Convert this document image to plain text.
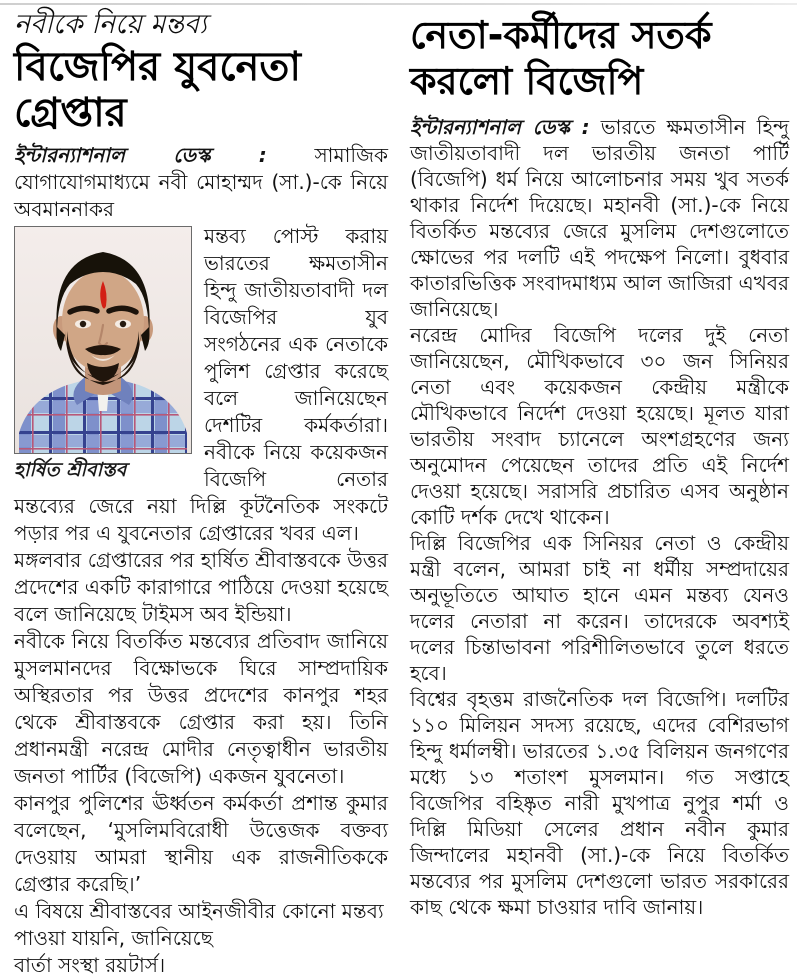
নবীকে নিয়ে মন্তব্য
বিজেপির যুবনেতা গ্রেপ্তার

ইন্টারন্যাশনাল ডেস্ক : সামাজিক যোগাযোগমাধ্যমে নবী মোহাম্মদ (সা.)-কে নিয়ে অবমাননাকর

হার্ষিত শ্রীবাস্তব

মন্তব্য পোস্ট করায় ভারতের ক্ষমতাসীন হিন্দু জাতীয়তাবাদী দল বিজেপির যুব সংগঠনের এক নেতাকে পুলিশ গ্রেপ্তার করেছে বলে জানিয়েছেন দেশটির কর্মকর্তারা। নবীকে নিয়ে কয়েকজন বিজেপি নেতার মন্তব্যের জেরে নয়া দিল্লি কূটনৈতিক সংকটে পড়ার পর এ যুবনেতার গ্রেপ্তারের খবর এল।

মঙ্গলবার গ্রেপ্তারের পর হার্ষিত শ্রীবাস্তবকে উত্তর প্রদেশের একটি কারাগারে পাঠিয়ে দেওয়া হয়েছে বলে জানিয়েছে টাইমস অব ইন্ডিয়া।

নবীকে নিয়ে বিতর্কিত মন্তব্যের প্রতিবাদ জানিয়ে মুসলমানদের বিক্ষোভকে ঘিরে সাম্প্রদায়িক অস্থিরতার পর উত্তর প্রদেশের কানপুর শহর থেকে শ্রীবাস্তবকে গ্রেপ্তার করা হয়। তিনি প্রধানমন্ত্রী নরেন্দ্র মোদীর নেতৃত্বাধীন ভারতীয় জনতা পার্টির (বিজেপি) একজন যুবনেতা।

কানপুর পুলিশের ঊর্ধ্বতন কর্মকর্তা প্রশান্ত কুমার বলেছেন, ‘মুসলিমবিরোধী উত্তেজক বক্তব্য দেওয়ায় আমরা স্থানীয় এক রাজনীতিককে গ্রেপ্তার করেছি।’

এ বিষয়ে শ্রীবাস্তবের আইনজীবীর কোনো মন্তব্য পাওয়া যায়নি, জানিয়েছে

বার্তা সংস্থা রয়টার্স।

নেতা-কর্মীদের সতর্ক করলো বিজেপি

ইন্টারন্যাশনাল ডেস্ক : ভারতে ক্ষমতাসীন হিন্দু জাতীয়তাবাদী দল ভারতীয় জনতা পার্টি (বিজেপি) ধর্ম নিয়ে আলোচনার সময় খুব সতর্ক থাকার নির্দেশ দিয়েছে। মহানবী (সা.)-কে নিয়ে বিতর্কিত মন্তব্যের জেরে মুসলিম দেশগুলোতে ক্ষোভের পর দলটি এই পদক্ষেপ নিলো। বুধবার কাতারভিত্তিক সংবাদমাধ্যম আল জাজিরা এখবর জানিয়েছে।

নরেন্দ্র মোদির বিজেপি দলের দুই নেতা জানিয়েছেন, মৌখিকভাবে ৩০ জন সিনিয়র নেতা এবং কয়েকজন কেন্দ্রীয় মন্ত্রীকে মৌখিকভাবে নির্দেশ দেওয়া হয়েছে। মূলত যারা ভারতীয় সংবাদ চ্যানেলে অংশগ্রহণের জন্য অনুমোদন পেয়েছেন তাদের প্রতি এই নির্দেশ দেওয়া হয়েছে। সরাসরি প্রচারিত এসব অনুষ্ঠান কোটি দর্শক দেখে থাকেন।

দিল্লি বিজেপির এক সিনিয়র নেতা ও কেন্দ্রীয় মন্ত্রী বলেন, আমরা চাই না ধর্মীয় সম্প্রদায়ের অনুভূতিতে আঘাত হানে এমন মন্তব্য যেনও দলের নেতারা না করেন। তাদেরকে অবশ্যই দলের চিন্তাভাবনা পরিশীলিতভাবে তুলে ধরতে হবে।

বিশ্বের বৃহত্তম রাজনৈতিক দল বিজেপি। দলটির ১১০ মিলিয়ন সদস্য রয়েছে, এদের বেশিরভাগ হিন্দু ধর্মালম্বী। ভারতের ১.৩৫ বিলিয়ন জনগণের মধ্যে ১৩ শতাংশ মুসলমান। গত সপ্তাহে বিজেপির বহিষ্কৃত নারী মুখপাত্র নুপুর শর্মা ও দিল্লি মিডিয়া সেলের প্রধান নবীন কুমার জিন্দালের মহানবী (সা.)-কে নিয়ে বিতর্কিত মন্তব্যের পর মুসলিম দেশগুলো ভারত সরকারের কাছ থেকে ক্ষমা চাওয়ার দাবি জানায়।
